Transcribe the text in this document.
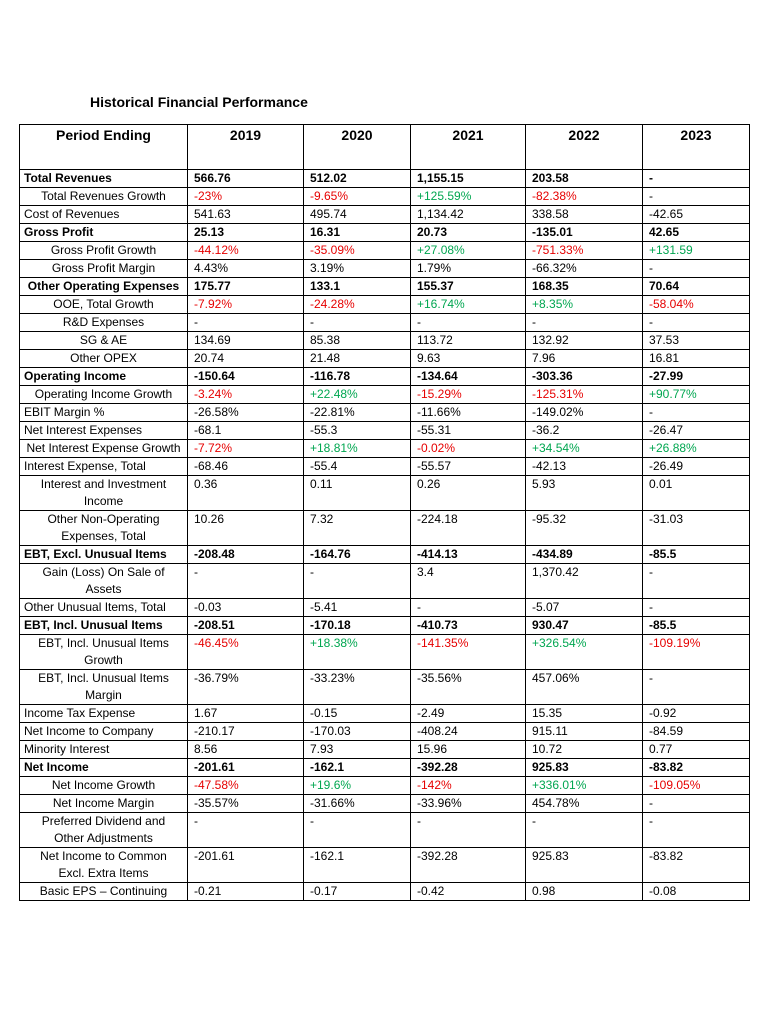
Historical Financial Performance
Period Ending	2019	2020	2021	2022	2023
Total Revenues	566.76	512.02	1,155.15	203.58	-
Total Revenues Growth	-23%	-9.65%	+125.59%	-82.38%	-
Cost of Revenues	541.63	495.74	1,134.42	338.58	-42.65
Gross Profit	25.13	16.31	20.73	-135.01	42.65
Gross Profit Growth	-44.12%	-35.09%	+27.08%	-751.33%	+131.59
Gross Profit Margin	4.43%	3.19%	1.79%	-66.32%	-
Other Operating Expenses	175.77	133.1	155.37	168.35	70.64
OOE, Total Growth	-7.92%	-24.28%	+16.74%	+8.35%	-58.04%
R&D Expenses	-	-	-	-	-
SG & AE	134.69	85.38	113.72	132.92	37.53
Other OPEX	20.74	21.48	9.63	7.96	16.81
Operating Income	-150.64	-116.78	-134.64	-303.36	-27.99
Operating Income Growth	-3.24%	+22.48%	-15.29%	-125.31%	+90.77%
EBIT Margin %	-26.58%	-22.81%	-11.66%	-149.02%	-
Net Interest Expenses	-68.1	-55.3	-55.31	-36.2	-26.47
Net Interest Expense Growth	-7.72%	+18.81%	-0.02%	+34.54%	+26.88%
Interest Expense, Total	-68.46	-55.4	-55.57	-42.13	-26.49
Interest and Investment Income	0.36	0.11	0.26	5.93	0.01
Other Non-Operating Expenses, Total	10.26	7.32	-224.18	-95.32	-31.03
EBT, Excl. Unusual Items	-208.48	-164.76	-414.13	-434.89	-85.5
Gain (Loss) On Sale of Assets	-	-	3.4	1,370.42	-
Other Unusual Items, Total	-0.03	-5.41	-	-5.07	-
EBT, Incl. Unusual Items	-208.51	-170.18	-410.73	930.47	-85.5
EBT, Incl. Unusual Items Growth	-46.45%	+18.38%	-141.35%	+326.54%	-109.19%
EBT, Incl. Unusual Items Margin	-36.79%	-33.23%	-35.56%	457.06%	-
Income Tax Expense	1.67	-0.15	-2.49	15.35	-0.92
Net Income to Company	-210.17	-170.03	-408.24	915.11	-84.59
Minority Interest	8.56	7.93	15.96	10.72	0.77
Net Income	-201.61	-162.1	-392.28	925.83	-83.82
Net Income Growth	-47.58%	+19.6%	-142%	+336.01%	-109.05%
Net Income Margin	-35.57%	-31.66%	-33.96%	454.78%	-
Preferred Dividend and Other Adjustments	-	-	-	-	-
Net Income to Common Excl. Extra Items	-201.61	-162.1	-392.28	925.83	-83.82
Basic EPS – Continuing	-0.21	-0.17	-0.42	0.98	-0.08
